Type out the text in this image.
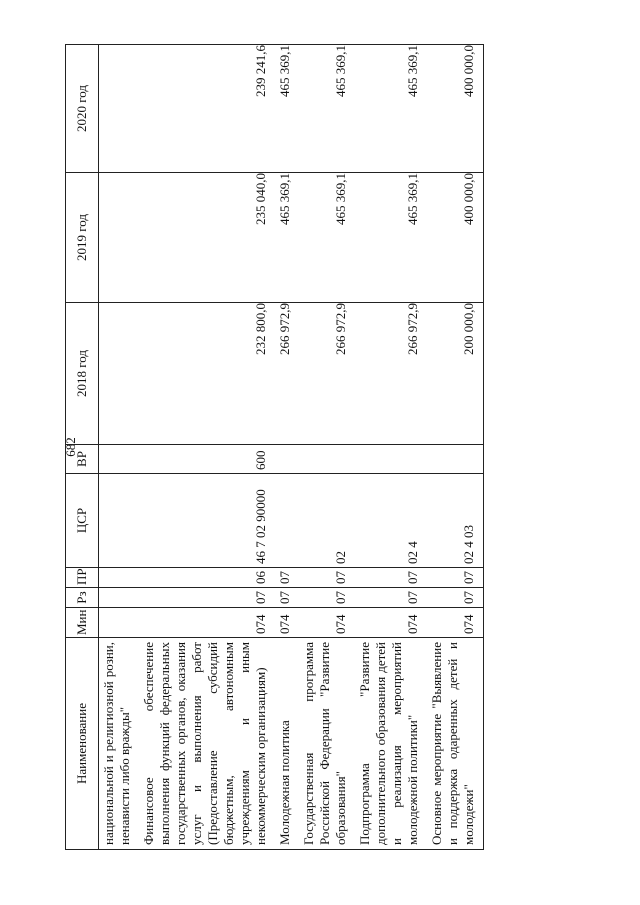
682
Наименование	Мин	Рз	ПР	ЦСР	ВР	2018 год	2019 год	2020 год
национальной и религиозной розни, ненависти либо вражды"								
Финансовое обеспечение выполнения функций федеральных государственных органов, оказания услуг и выполнения работ (Предоставление субсидий бюджетным, автономным учреждениям и иным некоммерческим организациям)	074	07	06	46 7 02 90000	600	232 800,0	235 040,0	239 241,6
Молодежная политика	074	07	07			266 972,9	465 369,1	465 369,1
Государственная программа Российской Федерации "Развитие образования"	074	07	07	02		266 972,9	465 369,1	465 369,1
Подпрограмма "Развитие дополнительного образования детей и реализация мероприятий молодежной политики"	074	07	07	02 4		266 972,9	465 369,1	465 369,1
Основное мероприятие "Выявление и поддержка одаренных детей и молодежи"	074	07	07	02 4 03		200 000,0	400 000,0	400 000,0
